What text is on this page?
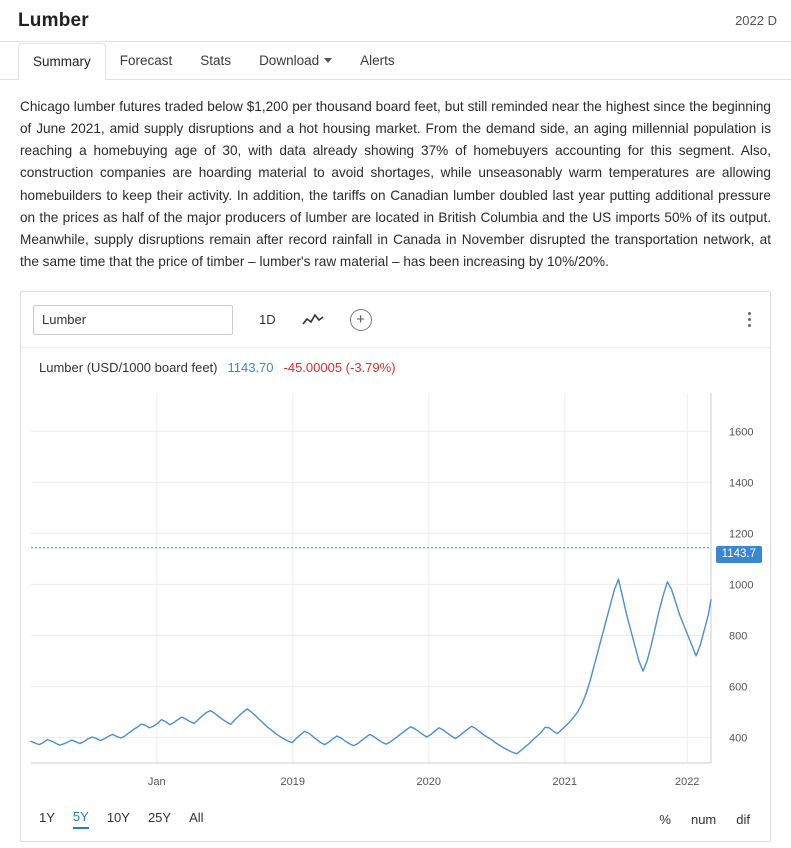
Lumber	2022 D
Summary Forecast Stats Download	Alerts
Chicago lumber futures traded below $1,200 per thousand board feet, but still reminded near the highest since the beginning of June 2021, amid supply disruptions and a hot housing market. From the demand side, an aging millennial population is reaching a homebuying age of 30, with data already showing 37% of homebuyers accounting for this segment. Also, construction companies are hoarding material to avoid shortages, while unseasonably warm temperatures are allowing homebuilders to keep their activity. In addition, the tariffs on Canadian lumber doubled last year putting additional pressure on the prices as half of the major producers of lumber are located in British Columbia and the US imports 50% of its output. Meanwhile, supply disruptions remain after record rainfall in Canada in November disrupted the transportation network, at the same time that the price of timber – lumber's raw material – has been increasing by 10%/20%.
Lumber
1D	+
Lumber (USD/1000 board feet) 1143.70 -45.00005 (-3.79%)
400
600
800
1000
1200
1400
1600
Jan	2019	2020	2021	2022
1143.7
1Y 5Y 10Y 25Y All	% num dif
